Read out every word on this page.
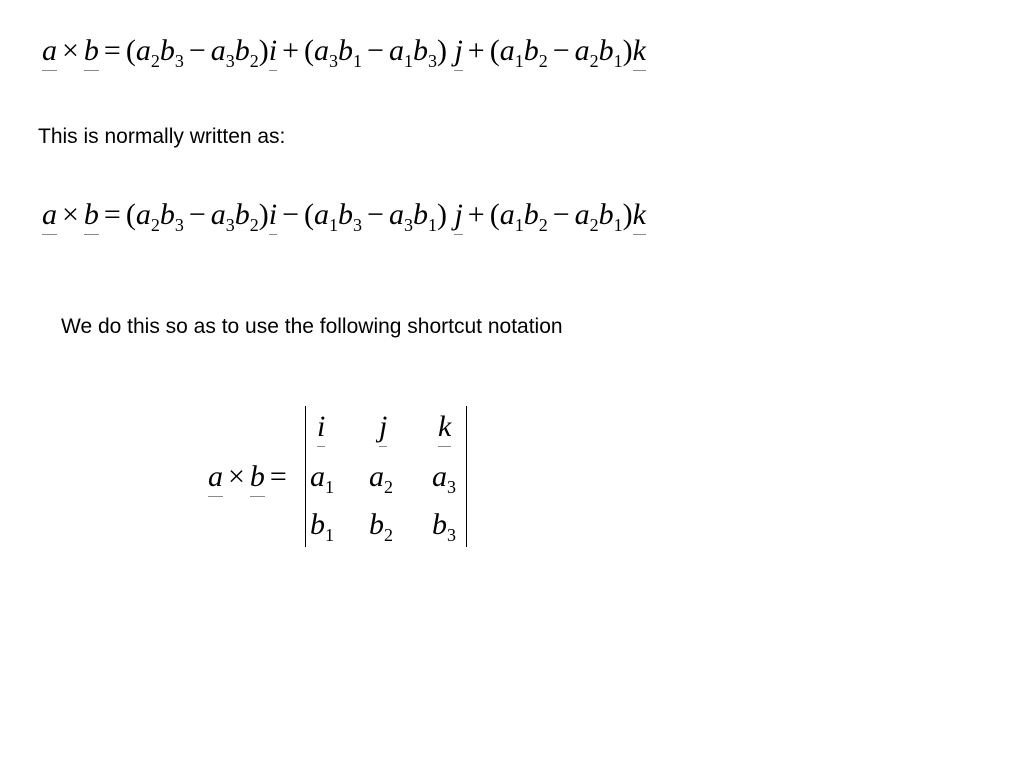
$a \times b = (a_2b_3 - a_3b_2)i + (a_3b_1 - a_1b_3) j + (a_1b_2 - a_2b_1)k$
This is normally written as:
$a \times b = (a_2b_3 - a_3b_2)i - (a_1b_3 - a_3b_1) j + (a_1b_2 - a_2b_1)k$
We do this so as to use the following shortcut notation
a × b =
i j k
$a_1$ $a_2$ $a_3$
$b_1$ $b_2$ $b_3$
